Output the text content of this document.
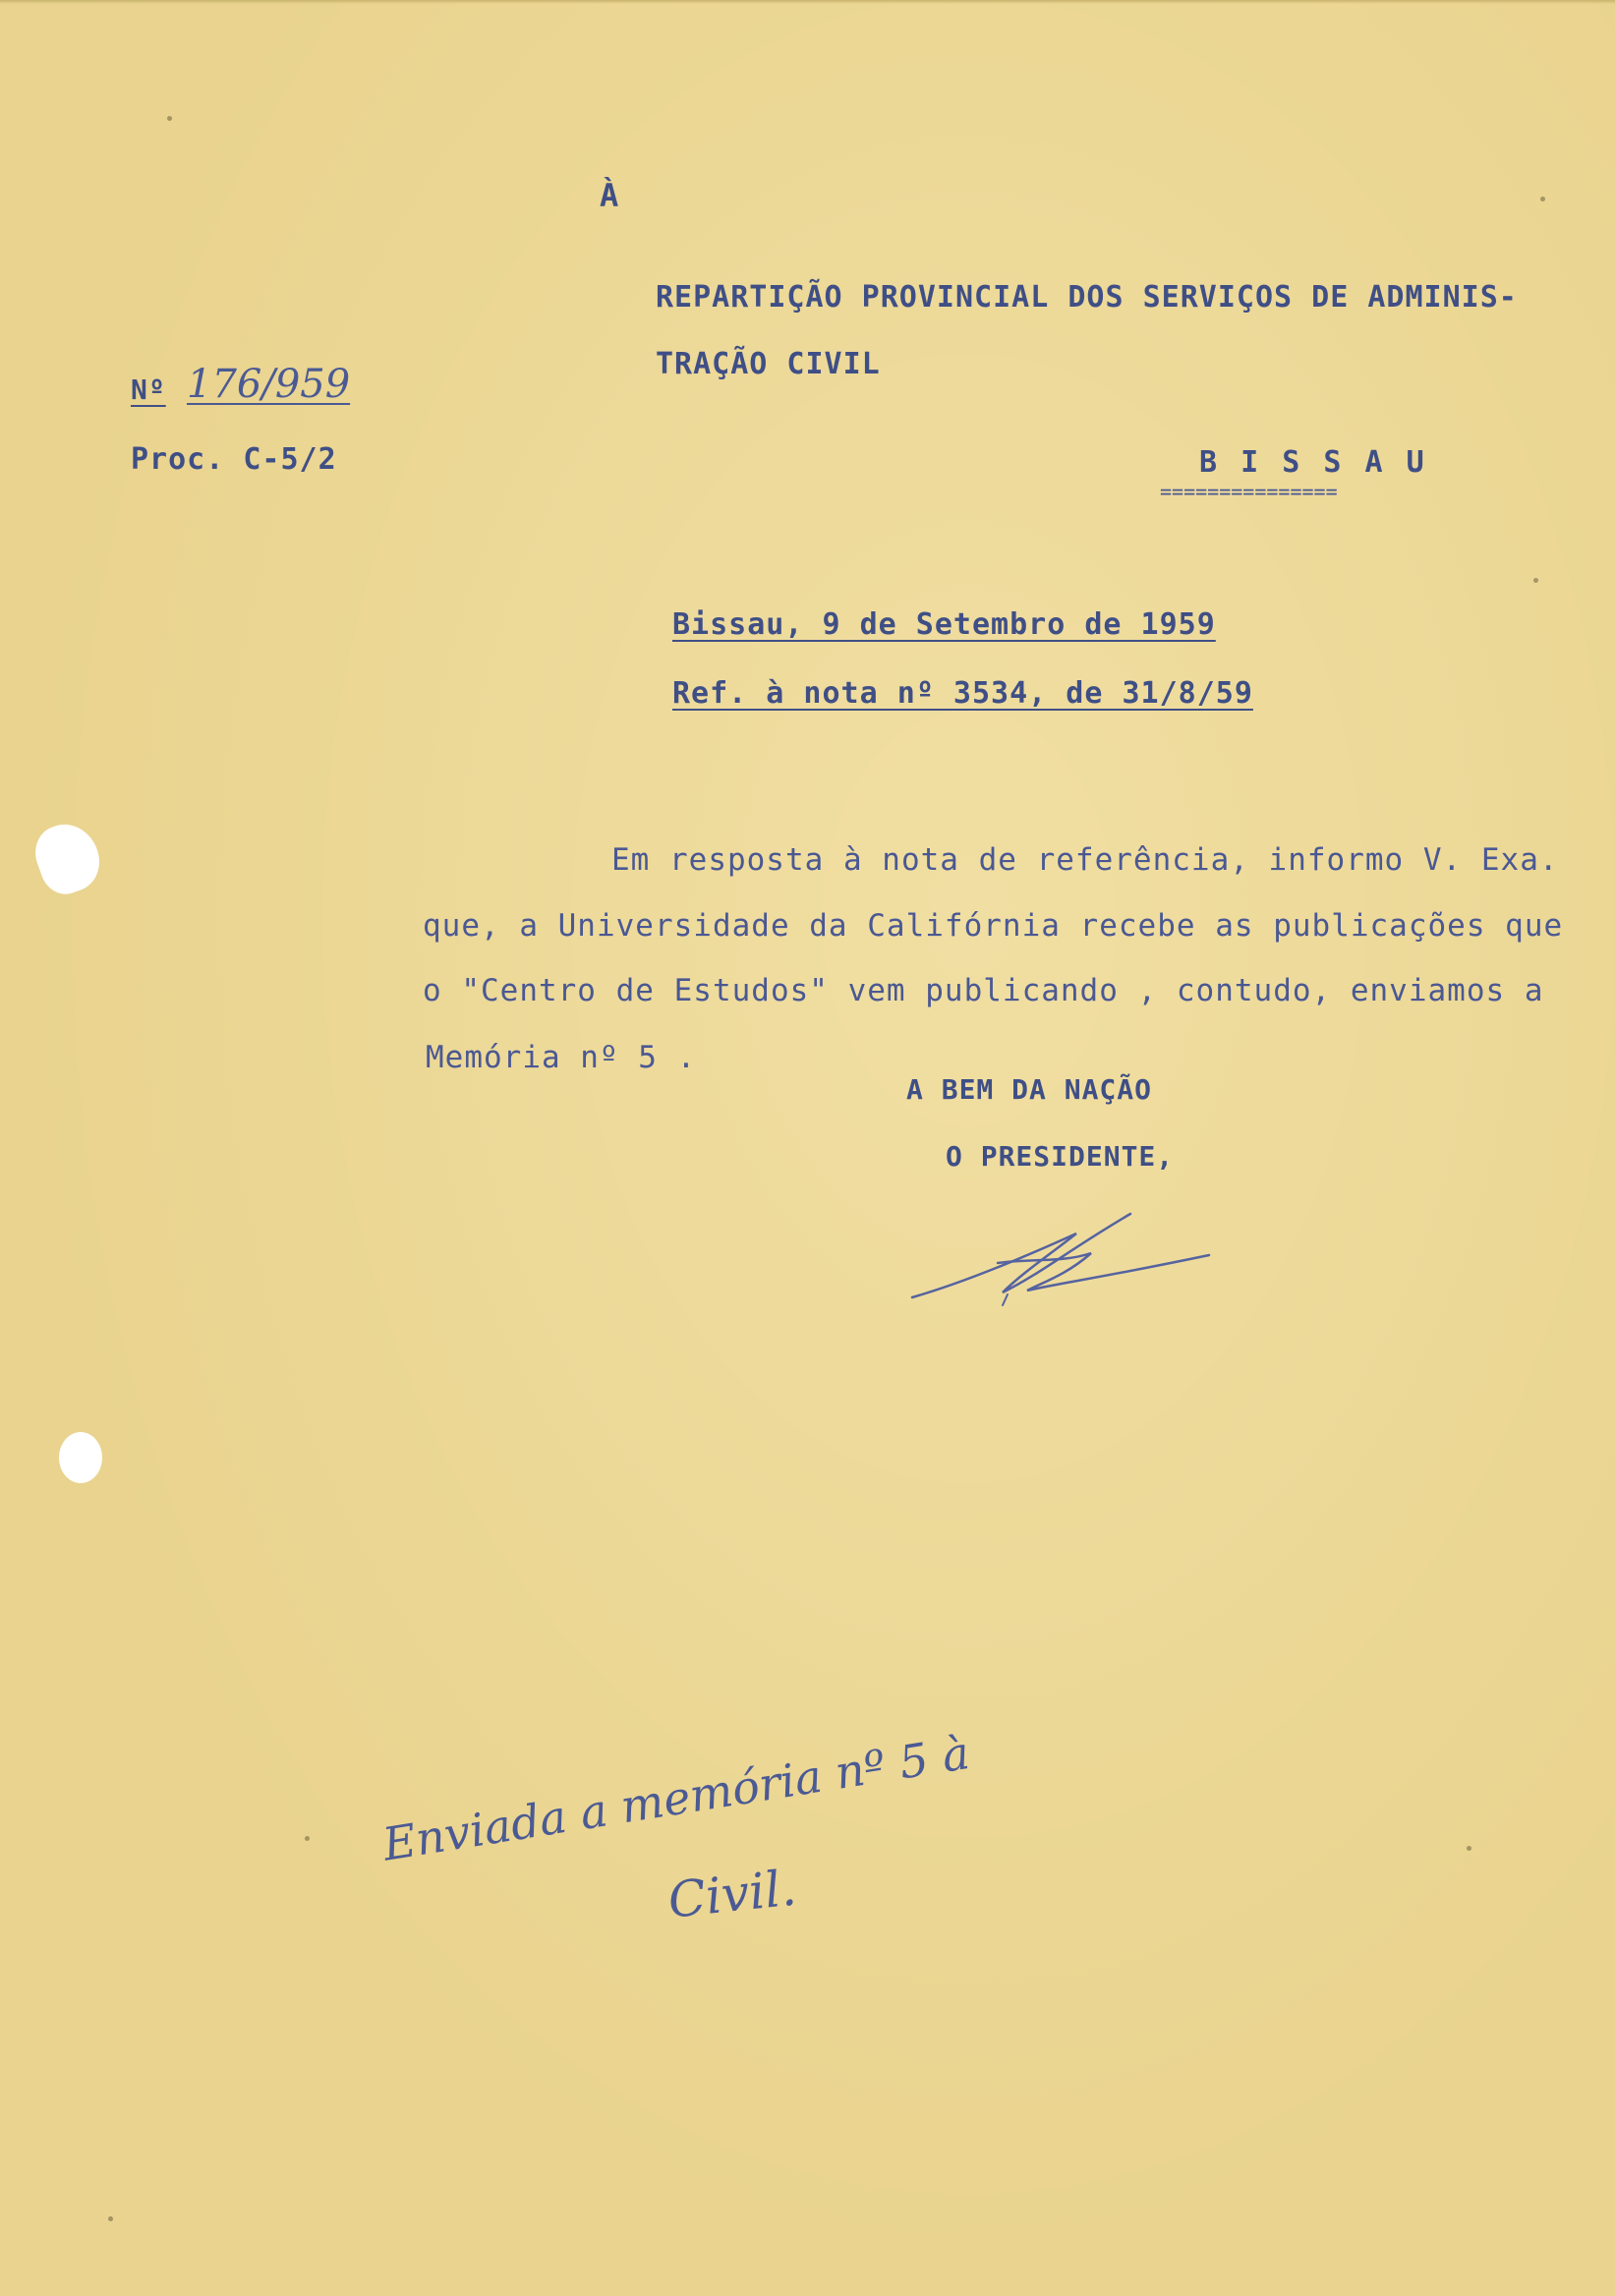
À
REPARTIÇÃO PROVINCIAL DOS SERVIÇOS DE ADMINIS-
TRAÇÃO CIVIL
B I S S A U
===============
Nº 176/959
Proc. C-5/2
Bissau, 9 de Setembro de 1959
Ref. à nota nº 3534, de 31/8/59
Em resposta à nota de referência, informo V. Exa.
que, a Universidade da Califórnia recebe as publicações que
o "Centro de Estudos" vem publicando , contudo, enviamos a
Memória nº 5 .
A BEM DA NAÇÃO
O PRESIDENTE,
Enviada a memória nº 5 à
Civil.
